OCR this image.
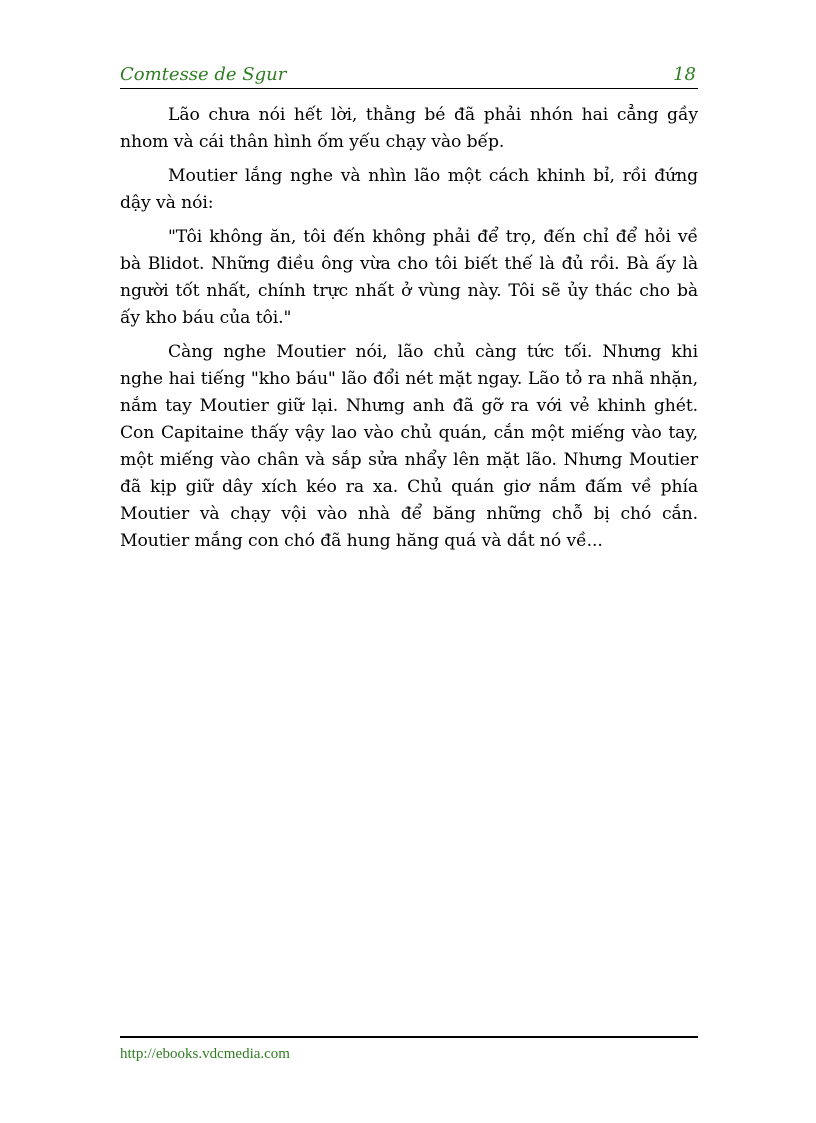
Comtesse de Sgur	18

Lão chưa nói hết lời, thằng bé đã phải nhón hai cẳng gầy nhom và cái thân hình ốm yếu chạy vào bếp.

Moutier lắng nghe và nhìn lão một cách khinh bỉ, rồi đứng dậy và nói:

"Tôi không ăn, tôi đến không phải để trọ, đến chỉ để hỏi về bà Blidot. Những điều ông vừa cho tôi biết thế là đủ rồi. Bà ấy là người tốt nhất, chính trực nhất ở vùng này. Tôi sẽ ủy thác cho bà ấy kho báu của tôi."

Càng nghe Moutier nói, lão chủ càng tức tối. Nhưng khi nghe hai tiếng "kho báu" lão đổi nét mặt ngay. Lão tỏ ra nhã nhặn, nắm tay Moutier giữ lại. Nhưng anh đã gỡ ra với vẻ khinh ghét. Con Capitaine thấy vậy lao vào chủ quán, cắn một miếng vào tay, một miếng vào chân và sắp sửa nhẩy lên mặt lão. Nhưng Moutier đã kịp giữ dây xích kéo ra xa. Chủ quán giơ nắm đấm về phía Moutier và chạy vội vào nhà để băng những chỗ bị chó cắn. Moutier mắng con chó đã hung hăng quá và dắt nó về...

http://ebooks.vdcmedia.com
